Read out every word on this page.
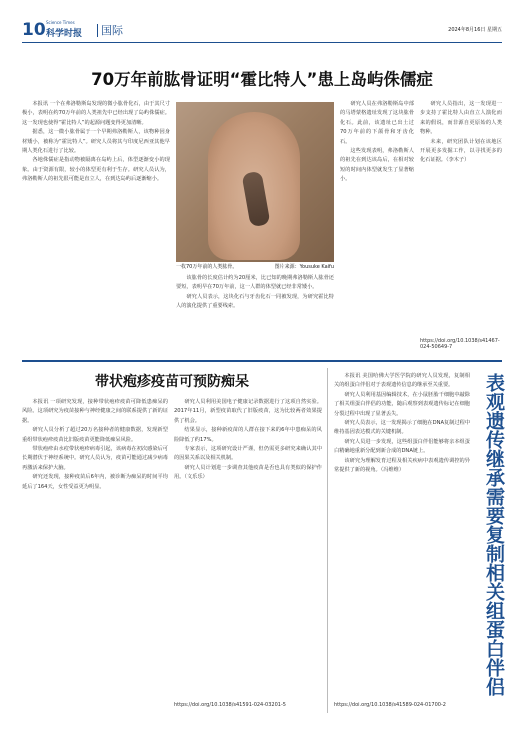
10 Science Times
科学时报 国际	2024年8月16日 星期五
70万年前肱骨证明“霍比特人”患上岛屿侏儒症

本报讯 一个在弗洛勒斯岛发现的微小肱骨化石，由于其尺寸极小，表明在约70万年前的人类祖先中已经出现了岛屿侏儒症。这一发现也使得“霍比特人”的起源问题变得更加清晰。

据悉，这一微小肱骨属于一个早期弗洛勒斯人，该物种因身材矮小，被称为“霍比特人”。研究人员将其与印度尼西亚其他早期人类化石进行了比较。

各地侏儒症是指动物被隔离在岛屿上后，体型逐渐变小的现象。由于资源有限，较小的体型更有利于生存。研究人员认为，弗洛勒斯人的祖先很可能是直立人，在到达岛屿后逐渐缩小。

一枚70万年前的人类肱骨。	图片来源：Yousuke Kaifu

该肱骨的长度估计约为20厘米，比已知的晚期弗洛勒斯人肱骨还要短，表明早在70万年前，这一人群的体型就已经非常矮小。

研究人员表示，这块化石与牙齿化石一同被发现，为研究霍比特人的演化提供了重要线索。

研究人员在弗洛勒斯岛中部的马塔蒙格遗址发现了这块肱骨化石。此前，该遗址已出土过70万年前的下颌骨和牙齿化石。

这些发现表明，弗洛勒斯人的祖先在到达该岛后，在相对较短的时间内体型就发生了显著缩小。

研究人员指出，这一发现进一步支持了霍比特人由直立人演化而来的假说，而非源自更原始的人类物种。

未来，研究团队计划在该地区开展更多发掘工作，以寻找更多的化石证据。（李木子）

https://doi.org/10.1038/s41467-024-50649-7
带状疱疹疫苗可预防痴呆

本报讯 一项研究发现，接种带状疱疹疫苗可降低患痴呆的风险。这项研究为疫苗接种与神经健康之间的联系提供了新的证据。

研究人员分析了超过20万名接种者的健康数据，发现新型重组带状疱疹疫苗比旧版疫苗更能降低痴呆风险。

带状疱疹由水痘带状疱疹病毒引起，该病毒在初次感染后可长期潜伏于神经系统中。研究人员认为，疫苗可能通过减少病毒再激活来保护大脑。

研究还发现，接种疫苗后6年内，被诊断为痴呆的时间平均延后了164天，女性受益更为明显。

研究人员利用美国电子健康记录数据进行了这项自然实验。2017年11月，新型疫苗取代了旧版疫苗，这为比较两者效果提供了机会。

结果显示，接种新疫苗的人群在接下来的6年中患痴呆的风险降低了约17%。

专家表示，这项研究设计严谨，但仍需更多研究来确认其中的因果关系以及相关机制。

研究人员计划进一步调查其他疫苗是否也具有类似的保护作用。（文乐乐）

https://doi.org/10.1038/s41591-024-03201-5

本报讯 美国哈佛大学医学院的研究人员发现，复制相关的组蛋白伴侣对于表观遗传信息的继承至关重要。

研究人员利用基因编辑技术，在小鼠胚胎干细胞中敲除了相关组蛋白伴侣的功能，随后观察到表观遗传标记在细胞分裂过程中出现了显著丢失。

研究人员表示，这一发现揭示了细胞在DNA复制过程中维持基因表达模式的关键机制。

研究人员进一步发现，这些组蛋白伴侣能够将亲本组蛋白精确地重新分配到新合成的DNA链上。

该研究为理解发育过程及相关疾病中表观遗传调控的异常提供了新的视角。（冯维维）

https://doi.org/10.1038/s41589-024-01700-2
表观遗传继承需要复制相关组蛋白伴侣
